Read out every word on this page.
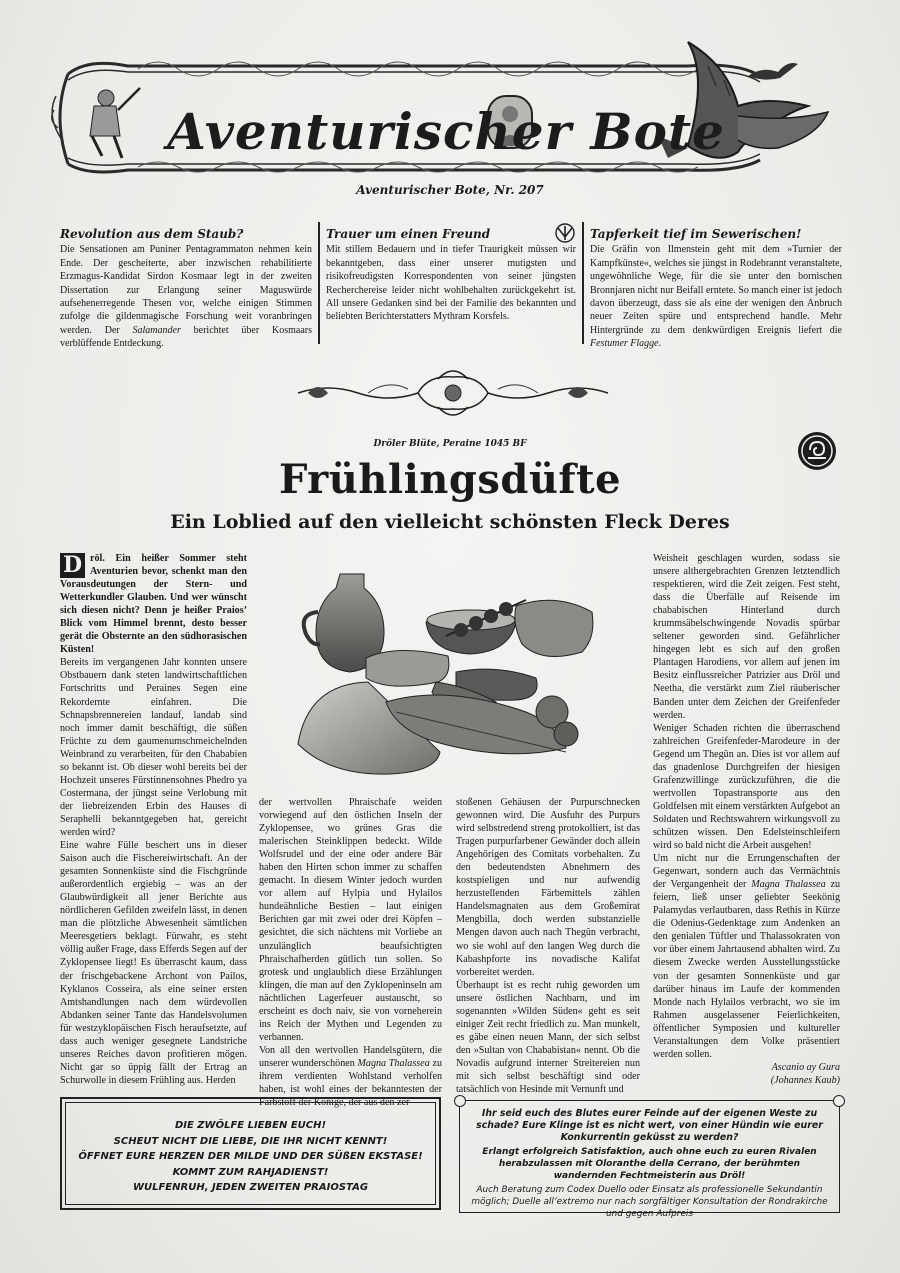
Aventurischer Bote
Aventurischer Bote, Nr. 207
Revolution aus dem Staub?

Die Sensationen am Puniner Pentagrammaton nehmen kein Ende. Der gescheiterte, aber inzwischen rehabilitierte Erzmagus-Kandidat Sirdon Kosmaar legt in der zweiten Dissertation zur Erlangung seiner Maguswürde aufsehenerregende Thesen vor, welche einigen Stimmen zufolge die gildenmagische Forschung weit voranbringen werden. Der Salamander berichtet über Kosmaars verblüffende Entdeckung.

Trauer um einen Freund

Mit stillem Bedauern und in tiefer Traurigkeit müssen wir bekanntgeben, dass einer unserer mutigsten und risikofreudigsten Korrespondenten von seiner jüngsten Recherchereise leider nicht wohlbehalten zurückgekehrt ist. All unsere Gedanken sind bei der Familie des bekannten und beliebten Berichterstatters Mythram Korsfels.

Tapferkeit tief im Sewerischen!

Die Gräfin von Ilmenstein geht mit dem »Turnier der Kampfkünste«, welches sie jüngst in Rodebrannt veranstaltete, ungewöhnliche Wege, für die sie unter den bornischen Bronnjaren nicht nur Beifall erntete. So manch einer ist jedoch davon überzeugt, dass sie als eine der wenigen den Anbruch neuer Zeiten spüre und entsprechend handle. Mehr Hintergründe zu dem denkwürdigen Ereignis liefert die Festumer Flagge.

Dröler Blüte, Peraine 1045 BF
Frühlingsdüfte
Ein Loblied auf den vielleicht schönsten Fleck Deres

D röl. Ein heißer Sommer steht Aventurien bevor, schenkt man den Vorausdeutungen der Stern- und Wetterkundler Glauben. Und wer wünscht sich diesen nicht? Denn je heißer Praios’ Blick vom Himmel brennt, desto besser gerät die Obsternte an den südhorasischen Küsten!

Bereits im vergangenen Jahr konnten unsere Obstbauern dank steten landwirtschaftlichen Fortschritts und Peraines Segen eine Rekordernte einfahren. Die Schnapsbrennereien landauf, landab sind noch immer damit beschäftigt, die süßen Früchte zu dem gaumenumschmeichelnden Weinbrand zu verarbeiten, für den Chababien so bekannt ist. Ob dieser wohl bereits bei der Hochzeit unseres Fürstinnensohnes Phedro ya Costermana, der jüngst seine Verlobung mit der liebreizenden Erbin des Hauses di Seraphelli bekanntgegeben hat, gereicht werden wird?

Eine wahre Fülle beschert uns in dieser Saison auch die Fischereiwirtschaft. An der gesamten Sonnenküste sind die Fischgründe außerordentlich ergiebig – was an der Glaubwürdigkeit all jener Berichte aus nördlicheren Gefilden zweifeln lässt, in denen man die plötzliche Abwesenheit sämtlichen Meeresgetiers beklagt. Fürwahr, es steht völlig außer Frage, dass Efferds Segen auf der Zyklopensee liegt! Es überrascht kaum, dass der frischgebackene Archont von Pailos, Kyklanos Cosseira, als eine seiner ersten Amtshandlungen nach dem würdevollen Abdanken seiner Tante das Handelsvolumen für westzyklopäischen Fisch heraufsetzte, auf dass auch weniger gesegnete Landstriche unseres Reiches davon profitieren mögen. Nicht gar so üppig fällt der Ertrag an Schurwolle in diesem Frühling aus. Herden

der wertvollen Phraischafe weiden vorwiegend auf den östlichen Inseln der Zyklopensee, wo grünes Gras die malerischen Steinklippen bedeckt. Wilde Wolfsrudel und der eine oder andere Bär haben den Hirten schon immer zu schaffen gemacht. In diesem Winter jedoch wurden vor allem auf Hylpia und Hylailos hundeähnliche Bestien – laut einigen Berichten gar mit zwei oder drei Köpfen – gesichtet, die sich nächtens mit Vorliebe an unzulänglich beaufsichtigten Phraischafherden gütlich tun sollen. So grotesk und unglaublich diese Erzählungen klingen, die man auf den Zyklopeninseln am nächtlichen Lagerfeuer austauscht, so erscheint es doch naiv, sie von vorneherein ins Reich der Mythen und Legenden zu verbannen.

Von all den wertvollen Handelsgütern, die unserer wunderschönen Magna Thalassea zu ihrem verdienten Wohlstand verholfen haben, ist wohl eines der bekanntesten der Farbstoff der Könige, der aus den zer-

stoßenen Gehäusen der Purpurschnecken gewonnen wird. Die Ausfuhr des Purpurs wird selbstredend streng protokolliert, ist das Tragen purpurfarbener Gewänder doch allein Angehörigen des Comitats vorbehalten. Zu den bedeutendsten Abnehmern des kostspieligen und nur aufwendig herzustellenden Färbemittels zählen Handelsmagnaten aus dem Großemirat Mengbilla, doch werden substanzielle Mengen davon auch nach Thegûn verbracht, wo sie wohl auf den langen Weg durch die Kabashpforte ins novadische Kalifat vorbereitet werden.

Überhaupt ist es recht ruhig geworden um unsere östlichen Nachbarn, und im sogenannten »Wilden Süden« geht es seit einiger Zeit recht friedlich zu. Man munkelt, es gäbe einen neuen Mann, der sich selbst den »Sultan von Chababistan« nennt. Ob die Novadis aufgrund interner Streitereien nun mit sich selbst beschäftigt sind oder tatsächlich von Hesinde mit Vernunft und

Weisheit geschlagen wurden, sodass sie unsere althergebrachten Grenzen letztendlich respektieren, wird die Zeit zeigen. Fest steht, dass die Überfälle auf Reisende im chababischen Hinterland durch krummsäbelschwingende Novadis spürbar seltener geworden sind. Gefährlicher hingegen lebt es sich auf den großen Plantagen Harodiens, vor allem auf jenen im Besitz einflussreicher Patrizier aus Dröl und Neetha, die verstärkt zum Ziel räuberischer Banden unter dem Zeichen der Greifenfeder werden.

Weniger Schaden richten die überraschend zahlreichen Greifenfeder-Marodeure in der Gegend um Thegûn an. Dies ist vor allem auf das gnadenlose Durchgreifen der hiesigen Grafenzwillinge zurückzuführen, die die wertvollen Topastransporte aus den Goldfelsen mit einem verstärkten Aufgebot an Soldaten und Rechtswahrern wirkungsvoll zu schützen wissen. Den Edelsteinschleifern wird so bald nicht die Arbeit ausgehen!

Um nicht nur die Errungenschaften der Gegenwart, sondern auch das Vermächtnis der Vergangenheit der Magna Thalassea zu feiern, ließ unser geliebter Seekönig Palamydas verlautbaren, dass Rethis in Kürze die Odenius-Gedenktage zum Andenken an den genialen Tüftler und Thalassokraten von vor über einem Jahrtausend abhalten wird. Zu diesem Zwecke werden Ausstellungsstücke von der gesamten Sonnenküste und gar darüber hinaus im Laufe der kommenden Monde nach Hylailos verbracht, wo sie im Rahmen ausgelassener Feierlichkeiten, öffentlicher Symposien und kultureller Veranstaltungen dem Volke präsentiert werden sollen.

Ascanio ay Gura

(Johannes Kaub)

DIE ZWÖLFE LIEBEN EUCH!
SCHEUT NICHT DIE LIEBE, DIE IHR NICHT KENNT!
ÖFFNET EURE HERZEN DER MILDE UND DER SÜßEN EKSTASE!
KOMMT ZUM RAHJADIENST!
WULFENRUH, JEDEN ZWEITEN PRAIOSTAG
Ihr seid euch des Blutes eurer Feinde auf der eigenen Weste zu schade? Eure Klinge ist es nicht wert, von einer Hündin wie eurer Konkurrentin geküsst zu werden?
Erlangt erfolgreich Satisfaktion, auch ohne euch zu euren Rivalen herabzulassen mit Oloranthe della Cerrano, der berühmten wandernden Fechtmeisterin aus Dröl!
Auch Beratung zum Codex Duello oder Einsatz als professionelle Sekundantin möglich; Duelle all’extremo nur nach sorgfältiger Konsultation der Rondrakirche und gegen Aufpreis
